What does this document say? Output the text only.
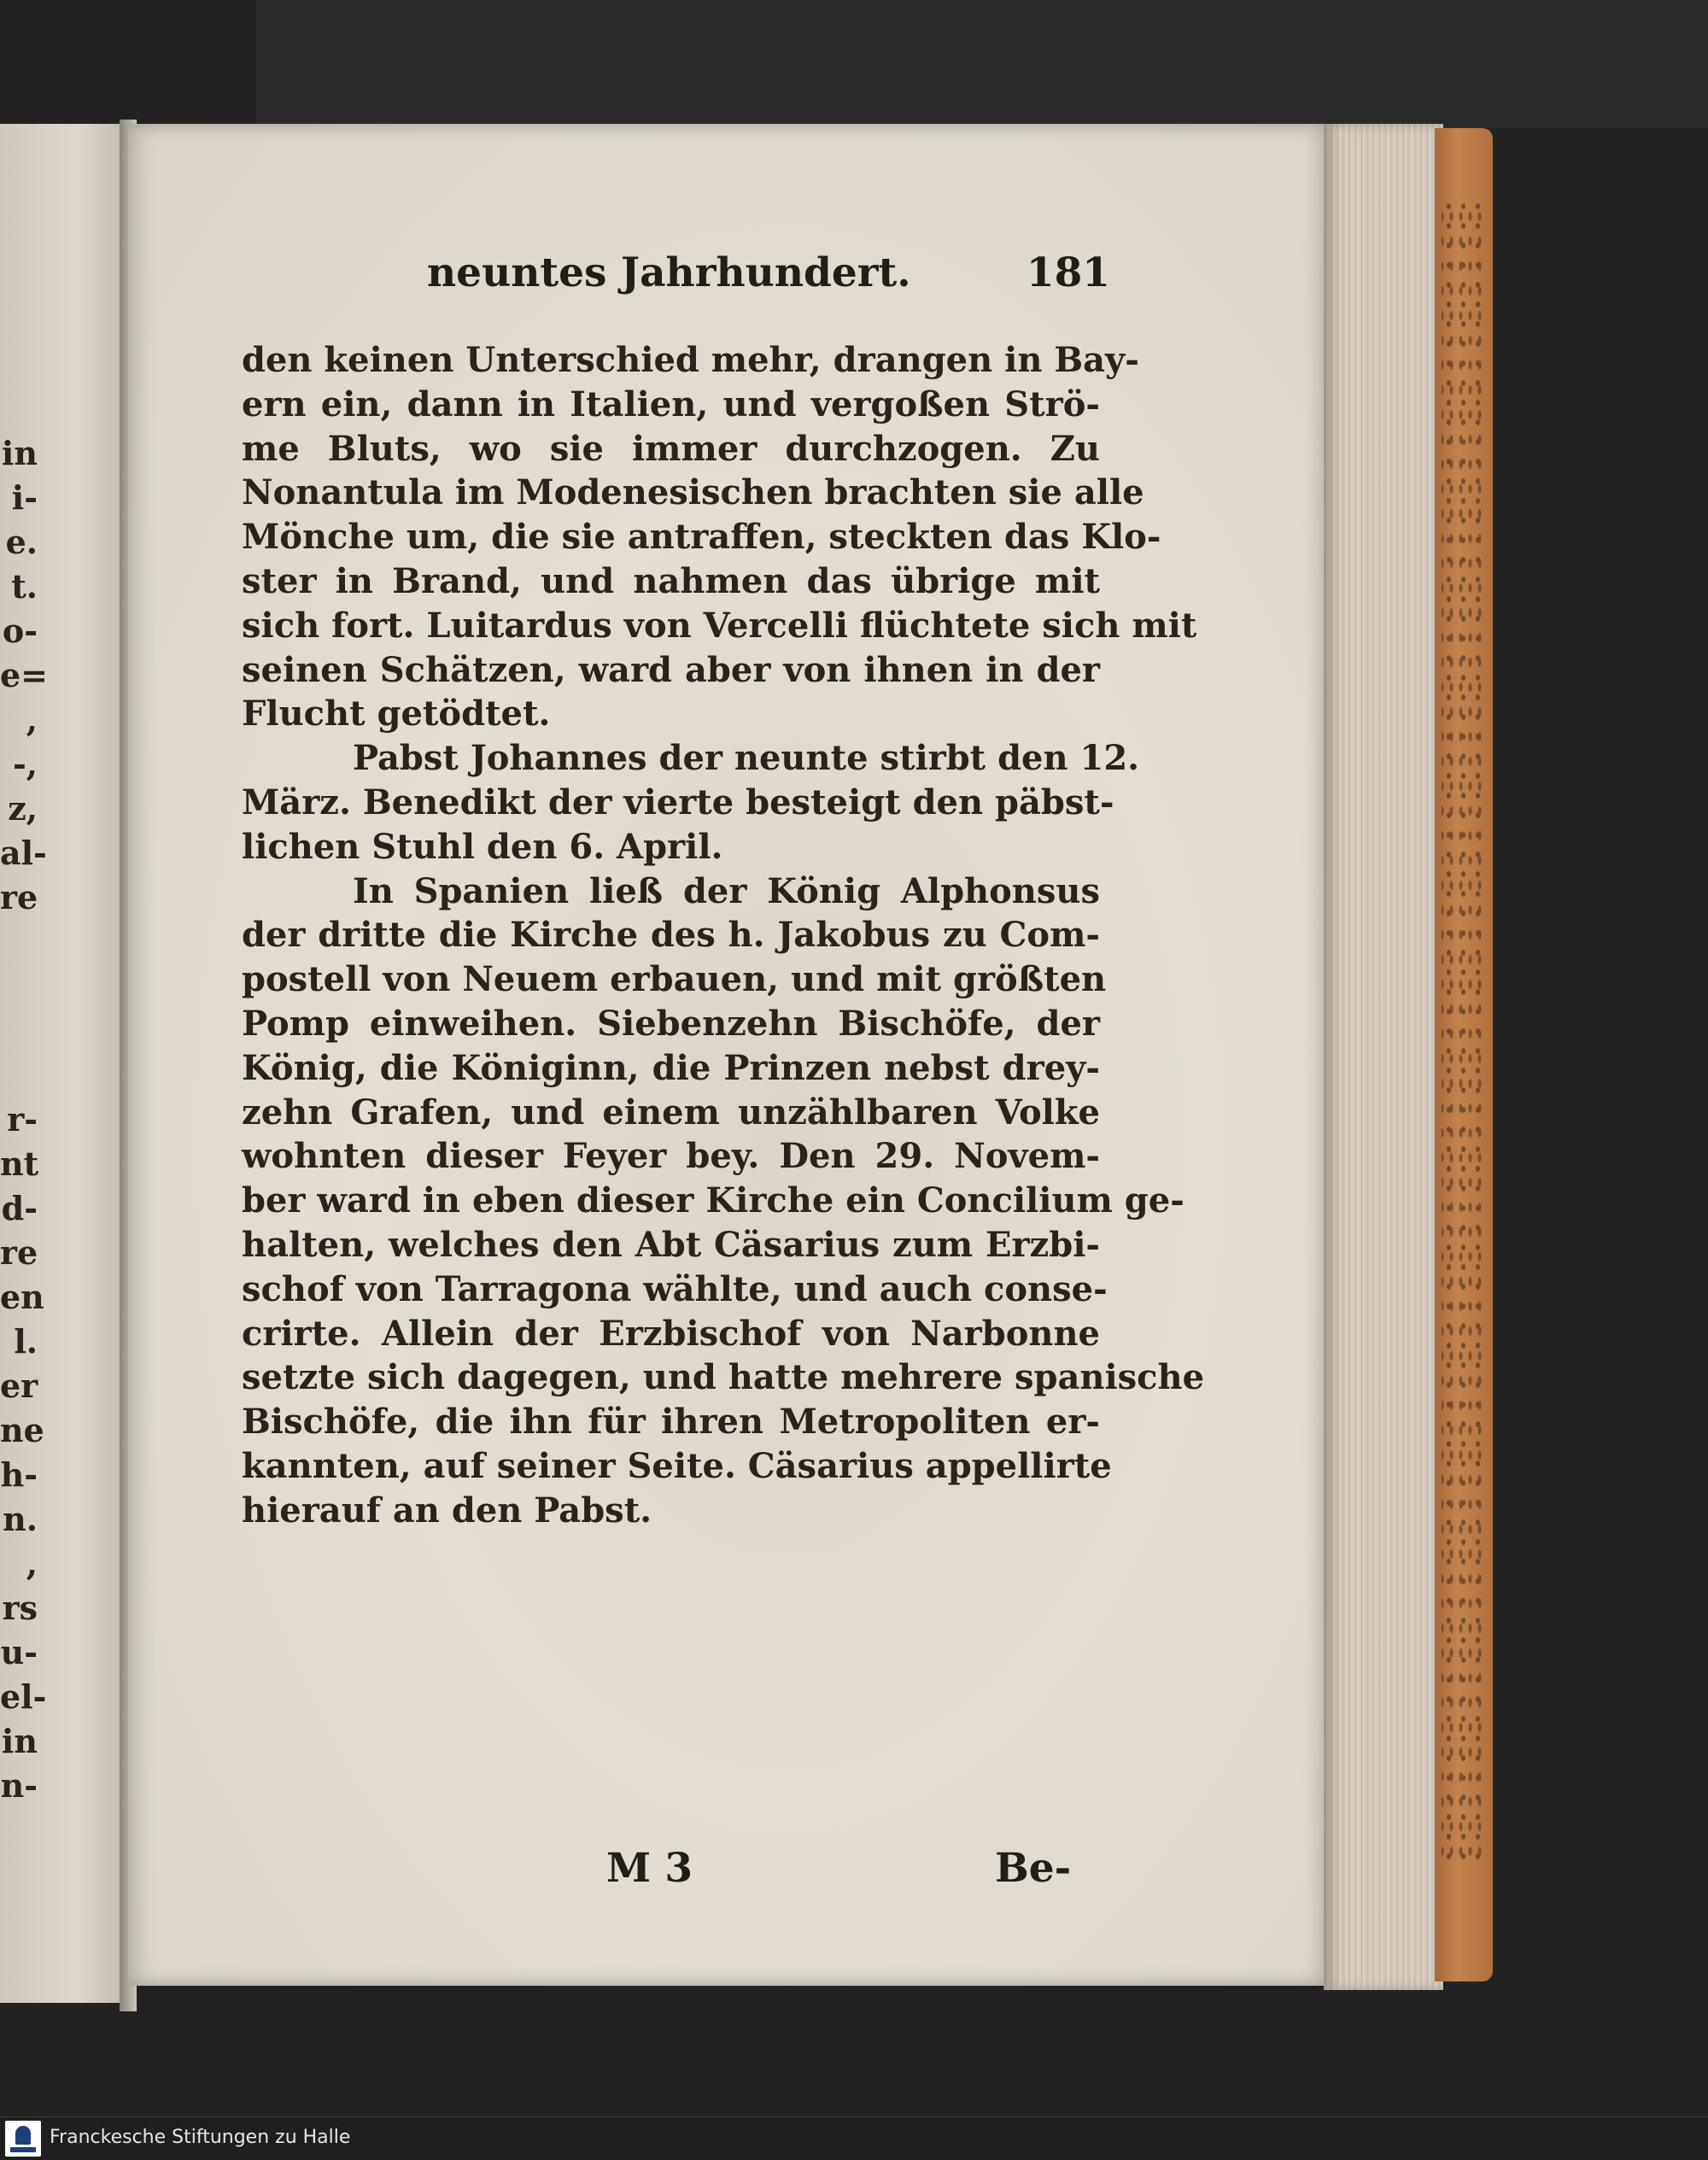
in
i-
e.
t.
o-
e=
,
-,
z,
al-
re
r-
nt
d-
re
en
l.
er
ne
h-
n.
,
rs
u-
el-
in
n-
neuntes Jahrhundert.	181
den keinen Unterschied mehr, drangen in Bay-
ern ein, dann in Italien, und vergoßen Strö-
me Bluts, wo sie immer durchzogen. Zu
Nonantula im Modenesischen brachten sie alle
Mönche um, die sie antraffen, steckten das Klo-
ster in Brand, und nahmen das übrige mit
sich fort. Luitardus von Vercelli flüchtete sich mit
seinen Schätzen, ward aber von ihnen in der
Flucht getödtet.
Pabst Johannes der neunte stirbt den 12.
März. Benedikt der vierte besteigt den päbst-
lichen Stuhl den 6. April.
In Spanien ließ der König Alphonsus
der dritte die Kirche des h. Jakobus zu Com-
postell von Neuem erbauen, und mit größten
Pomp einweihen. Siebenzehn Bischöfe, der
König, die Königinn, die Prinzen nebst drey-
zehn Grafen, und einem unzählbaren Volke
wohnten dieser Feyer bey. Den 29. Novem-
ber ward in eben dieser Kirche ein Concilium ge-
halten, welches den Abt Cäsarius zum Erzbi-
schof von Tarragona wählte, und auch conse-
crirte. Allein der Erzbischof von Narbonne
setzte sich dagegen, und hatte mehrere spanische
Bischöfe, die ihn für ihren Metropoliten er-
kannten, auf seiner Seite. Cäsarius appellirte
hierauf an den Pabst.
M 3	Be-
Franckesche Stiftungen zu Halle
